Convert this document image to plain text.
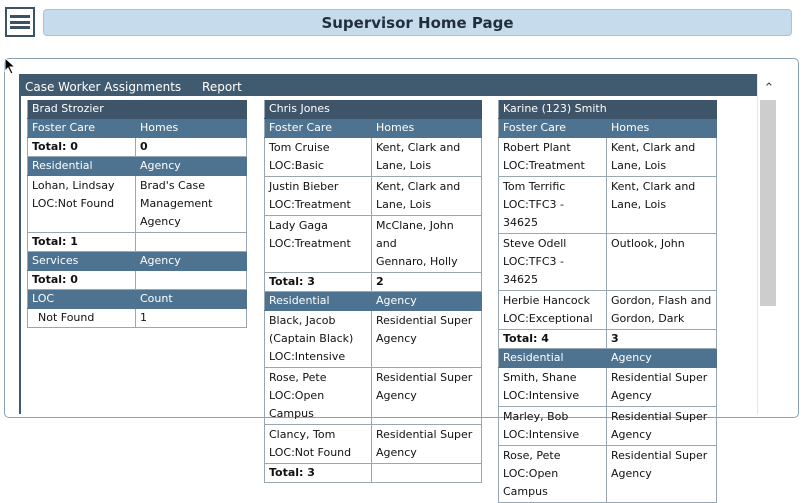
Supervisor Home Page
Case Worker Assignments Report
Brad Strozier	
Foster Care	Homes
Total: 0	0
Residential	Agency
Lohan, Lindsay
LOC:Not Found	Brad's Case
Management
Agency
Total: 1	
Services	Agency
Total: 0	
LOC	Count
Not Found	1
Chris Jones	
Foster Care	Homes
Tom Cruise
LOC:Basic	Kent, Clark and
Lane, Lois
Justin Bieber
LOC:Treatment	Kent, Clark and
Lane, Lois
Lady Gaga
LOC:Treatment	McClane, John and
Gennaro, Holly
Total: 3	2
Residential	Agency
Black, Jacob
(Captain Black)
LOC:Intensive	Residential Super
Agency
Rose, Pete
LOC:Open Campus	Residential Super
Agency
Clancy, Tom
LOC:Not Found	Residential Super
Agency
Total: 3	
Karine (123) Smith	
Foster Care	Homes
Robert Plant
LOC:Treatment	Kent, Clark and
Lane, Lois
Tom Terrific
LOC:TFC3 - 34625	Kent, Clark and
Lane, Lois
Steve Odell
LOC:TFC3 - 34625	Outlook, John
Herbie Hancock
LOC:Exceptional	Gordon, Flash and
Gordon, Dark
Total: 4	3
Residential	Agency
Smith, Shane
LOC:Intensive	Residential Super
Agency
Marley, Bob
LOC:Intensive	Residential Super
Agency
Rose, Pete
LOC:Open Campus	Residential Super
Agency
⌃
